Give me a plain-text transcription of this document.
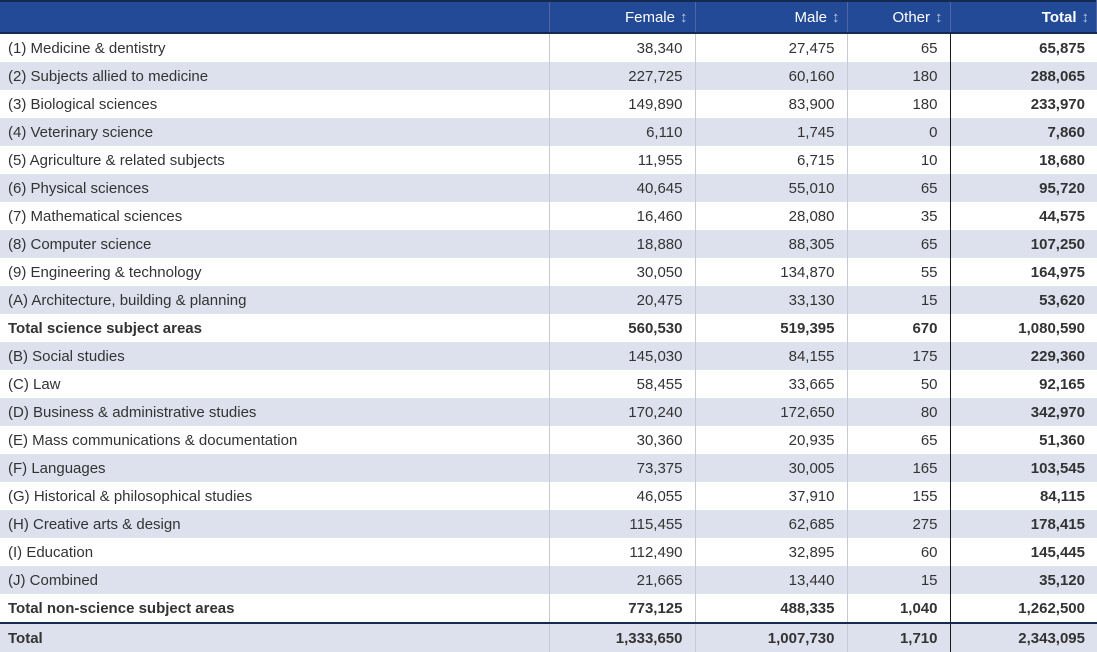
	Female ↕	Male ↕	Other ↕	Total ↕
(1) Medicine & dentistry	38,340	27,475	65	65,875
(2) Subjects allied to medicine	227,725	60,160	180	288,065
(3) Biological sciences	149,890	83,900	180	233,970
(4) Veterinary science	6,110	1,745	0	7,860
(5) Agriculture & related subjects	11,955	6,715	10	18,680
(6) Physical sciences	40,645	55,010	65	95,720
(7) Mathematical sciences	16,460	28,080	35	44,575
(8) Computer science	18,880	88,305	65	107,250
(9) Engineering & technology	30,050	134,870	55	164,975
(A) Architecture, building & planning	20,475	33,130	15	53,620
Total science subject areas	560,530	519,395	670	1,080,590
(B) Social studies	145,030	84,155	175	229,360
(C) Law	58,455	33,665	50	92,165
(D) Business & administrative studies	170,240	172,650	80	342,970
(E) Mass communications & documentation	30,360	20,935	65	51,360
(F) Languages	73,375	30,005	165	103,545
(G) Historical & philosophical studies	46,055	37,910	155	84,115
(H) Creative arts & design	115,455	62,685	275	178,415
(I) Education	112,490	32,895	60	145,445
(J) Combined	21,665	13,440	15	35,120
Total non-science subject areas	773,125	488,335	1,040	1,262,500
Total	1,333,650	1,007,730	1,710	2,343,095
